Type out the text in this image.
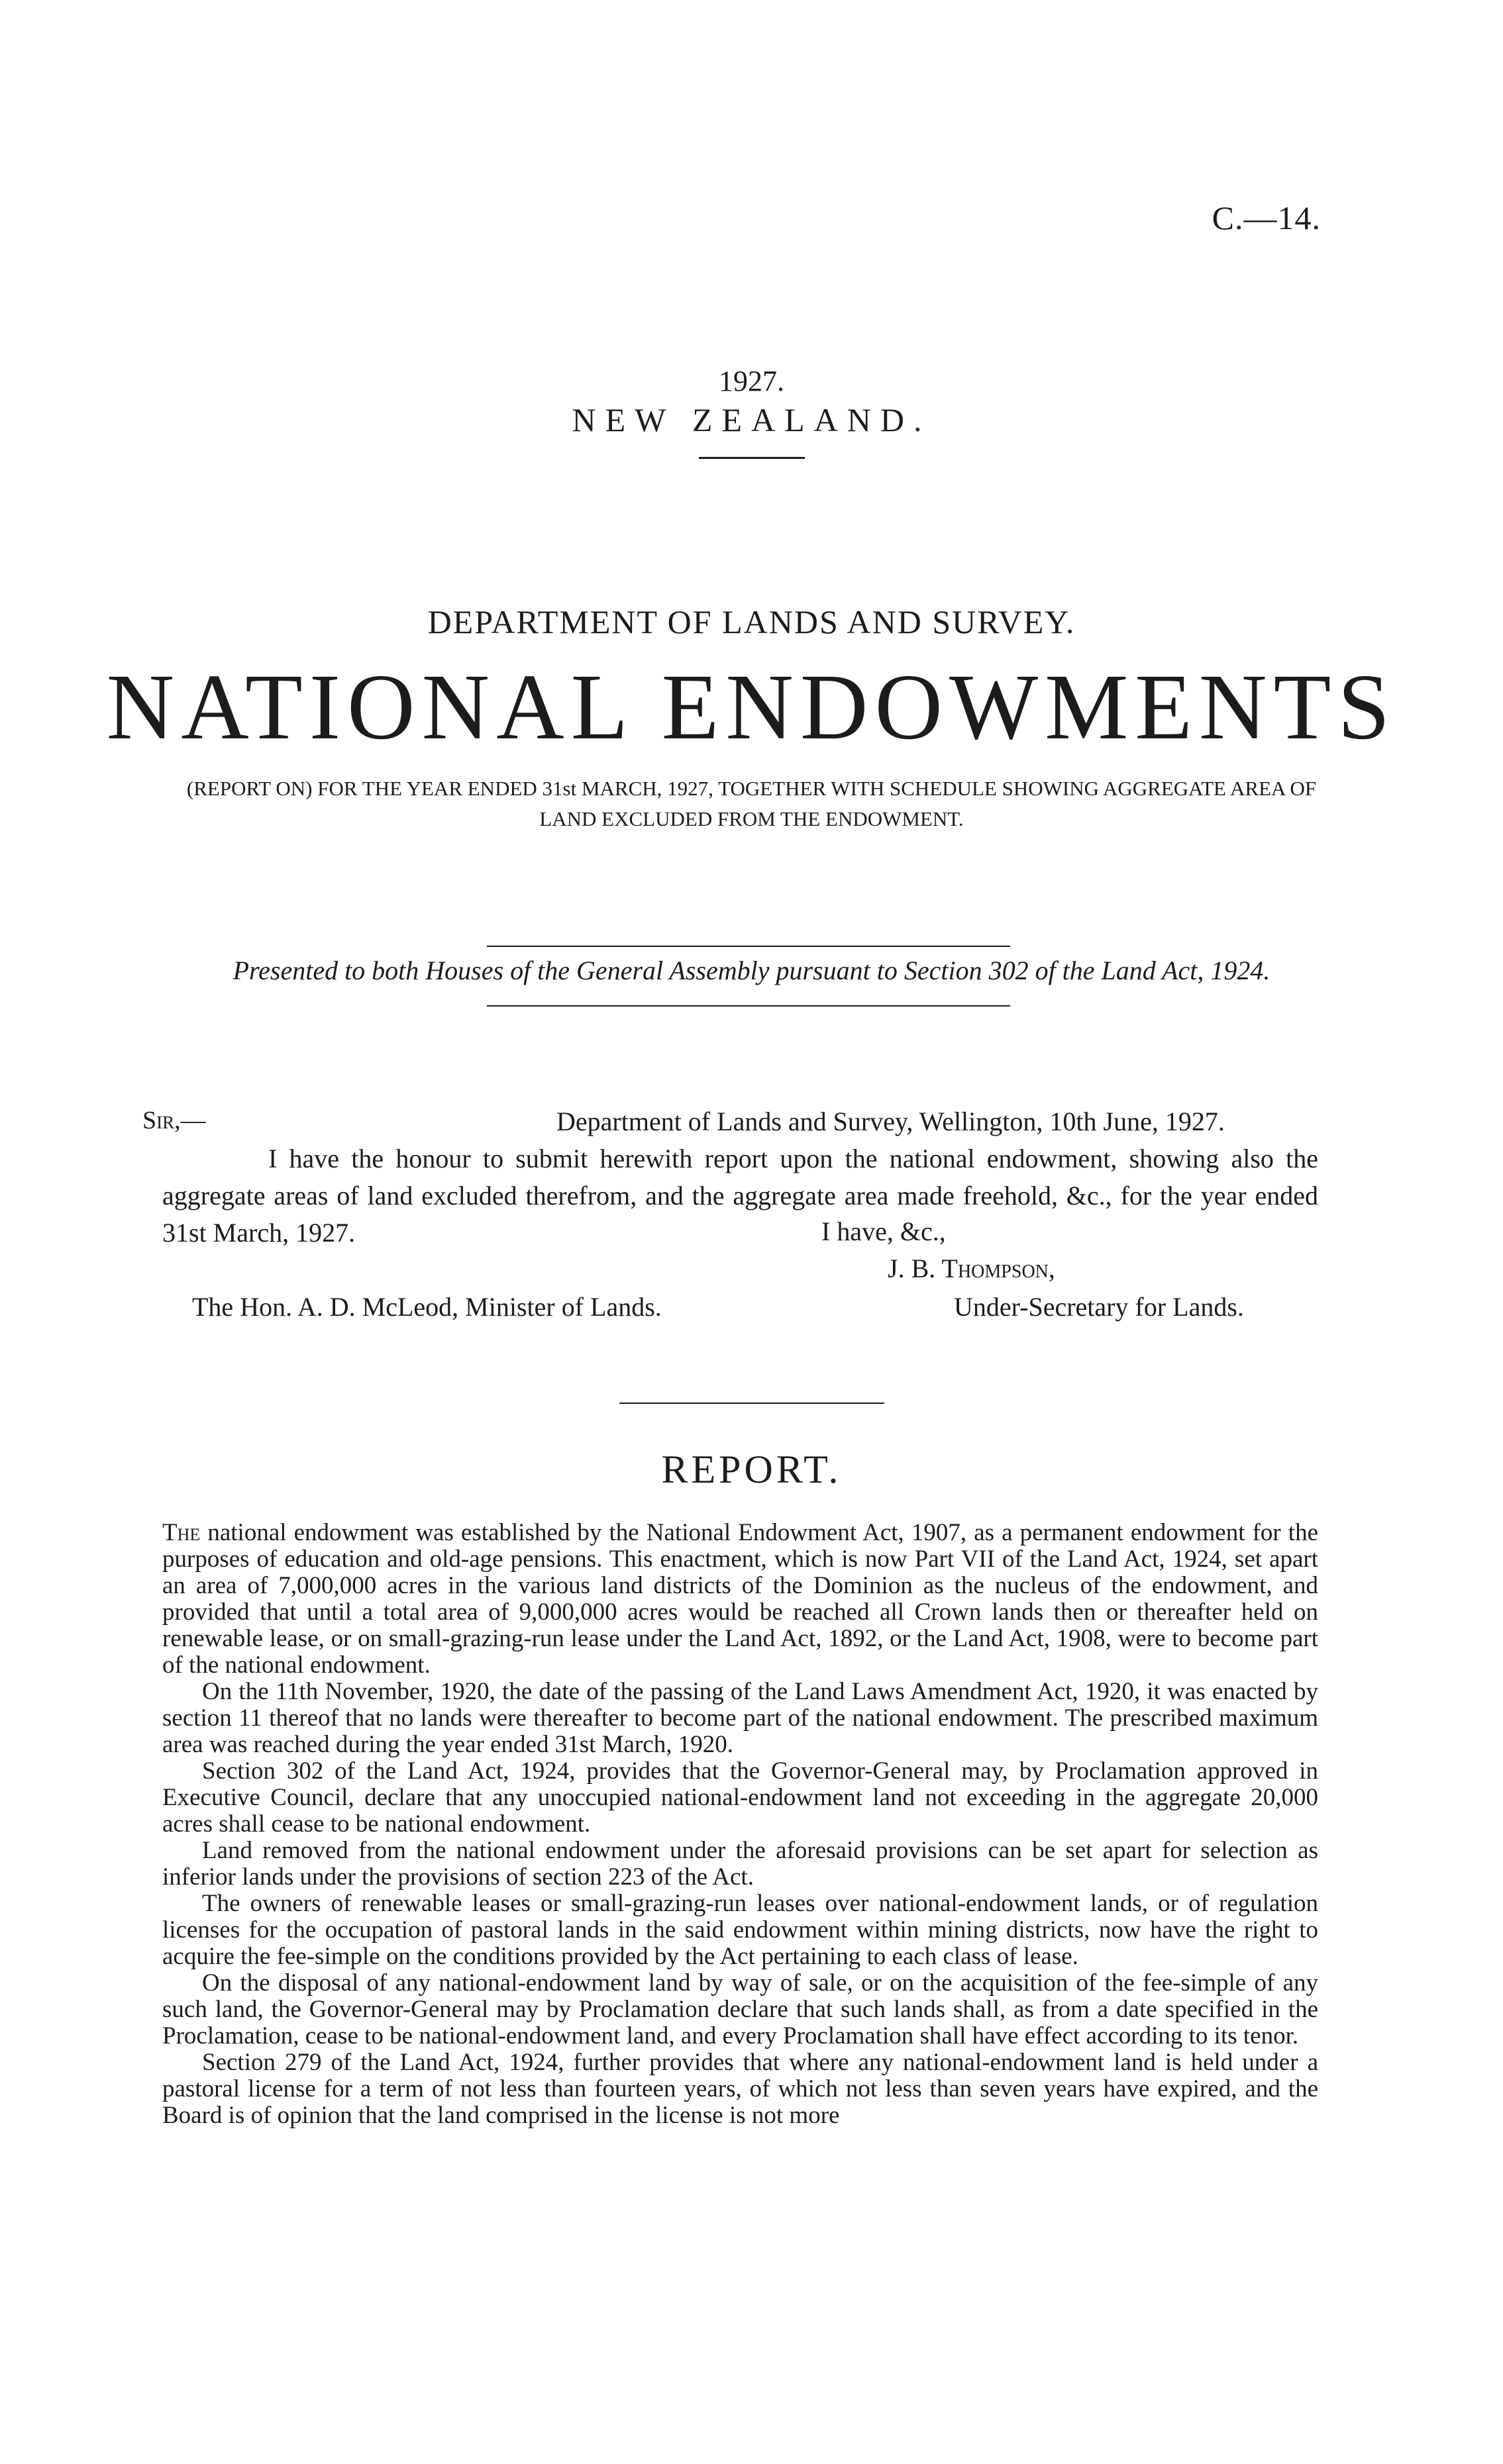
C.—14.
1927.
NEW ZEALAND.
DEPARTMENT OF LANDS AND SURVEY.
NATIONAL ENDOWMENTS
(REPORT ON) FOR THE YEAR ENDED 31st MARCH, 1927, TOGETHER WITH SCHEDULE SHOWING AGGREGATE AREA OF LAND EXCLUDED FROM THE ENDOWMENT.
Presented to both Houses of the General Assembly pursuant to Section 302 of the Land Act, 1924.
Sir,—	Department of Lands and Survey, Wellington, 10th June, 1927.

I have the honour to submit herewith report upon the national endowment, showing also the aggregate areas of land excluded therefrom, and the aggregate area made freehold, &c., for the year ended 31st March, 1927.	I have, &c.,
J. B. Thompson,
The Hon. A. D. McLeod, Minister of Lands.	Under-Secretary for Lands.
REPORT.

The national endowment was established by the National Endowment Act, 1907, as a permanent endowment for the purposes of education and old-age pensions. This enactment, which is now Part VII of the Land Act, 1924, set apart an area of 7,000,000 acres in the various land districts of the Dominion as the nucleus of the endowment, and provided that until a total area of 9,000,000 acres would be reached all Crown lands then or thereafter held on renewable lease, or on small-grazing-run lease under the Land Act, 1892, or the Land Act, 1908, were to become part of the national endowment.

On the 11th November, 1920, the date of the passing of the Land Laws Amendment Act, 1920, it was enacted by section 11 thereof that no lands were thereafter to become part of the national endowment. The prescribed maximum area was reached during the year ended 31st March, 1920.

Section 302 of the Land Act, 1924, provides that the Governor-General may, by Proclamation approved in Executive Council, declare that any unoccupied national-endowment land not exceeding in the aggregate 20,000 acres shall cease to be national endowment.

Land removed from the national endowment under the aforesaid provisions can be set apart for selection as inferior lands under the provisions of section 223 of the Act.

The owners of renewable leases or small-grazing-run leases over national-endowment lands, or of regulation licenses for the occupation of pastoral lands in the said endowment within mining districts, now have the right to acquire the fee-simple on the conditions provided by the Act pertaining to each class of lease.

On the disposal of any national-endowment land by way of sale, or on the acquisition of the fee-simple of any such land, the Governor-General may by Proclamation declare that such lands shall, as from a date specified in the Proclamation, cease to be national-endowment land, and every Proclamation shall have effect according to its tenor.

Section 279 of the Land Act, 1924, further provides that where any national-endowment land is held under a pastoral license for a term of not less than fourteen years, of which not less than seven years have expired, and the Board is of opinion that the land comprised in the license is not more
